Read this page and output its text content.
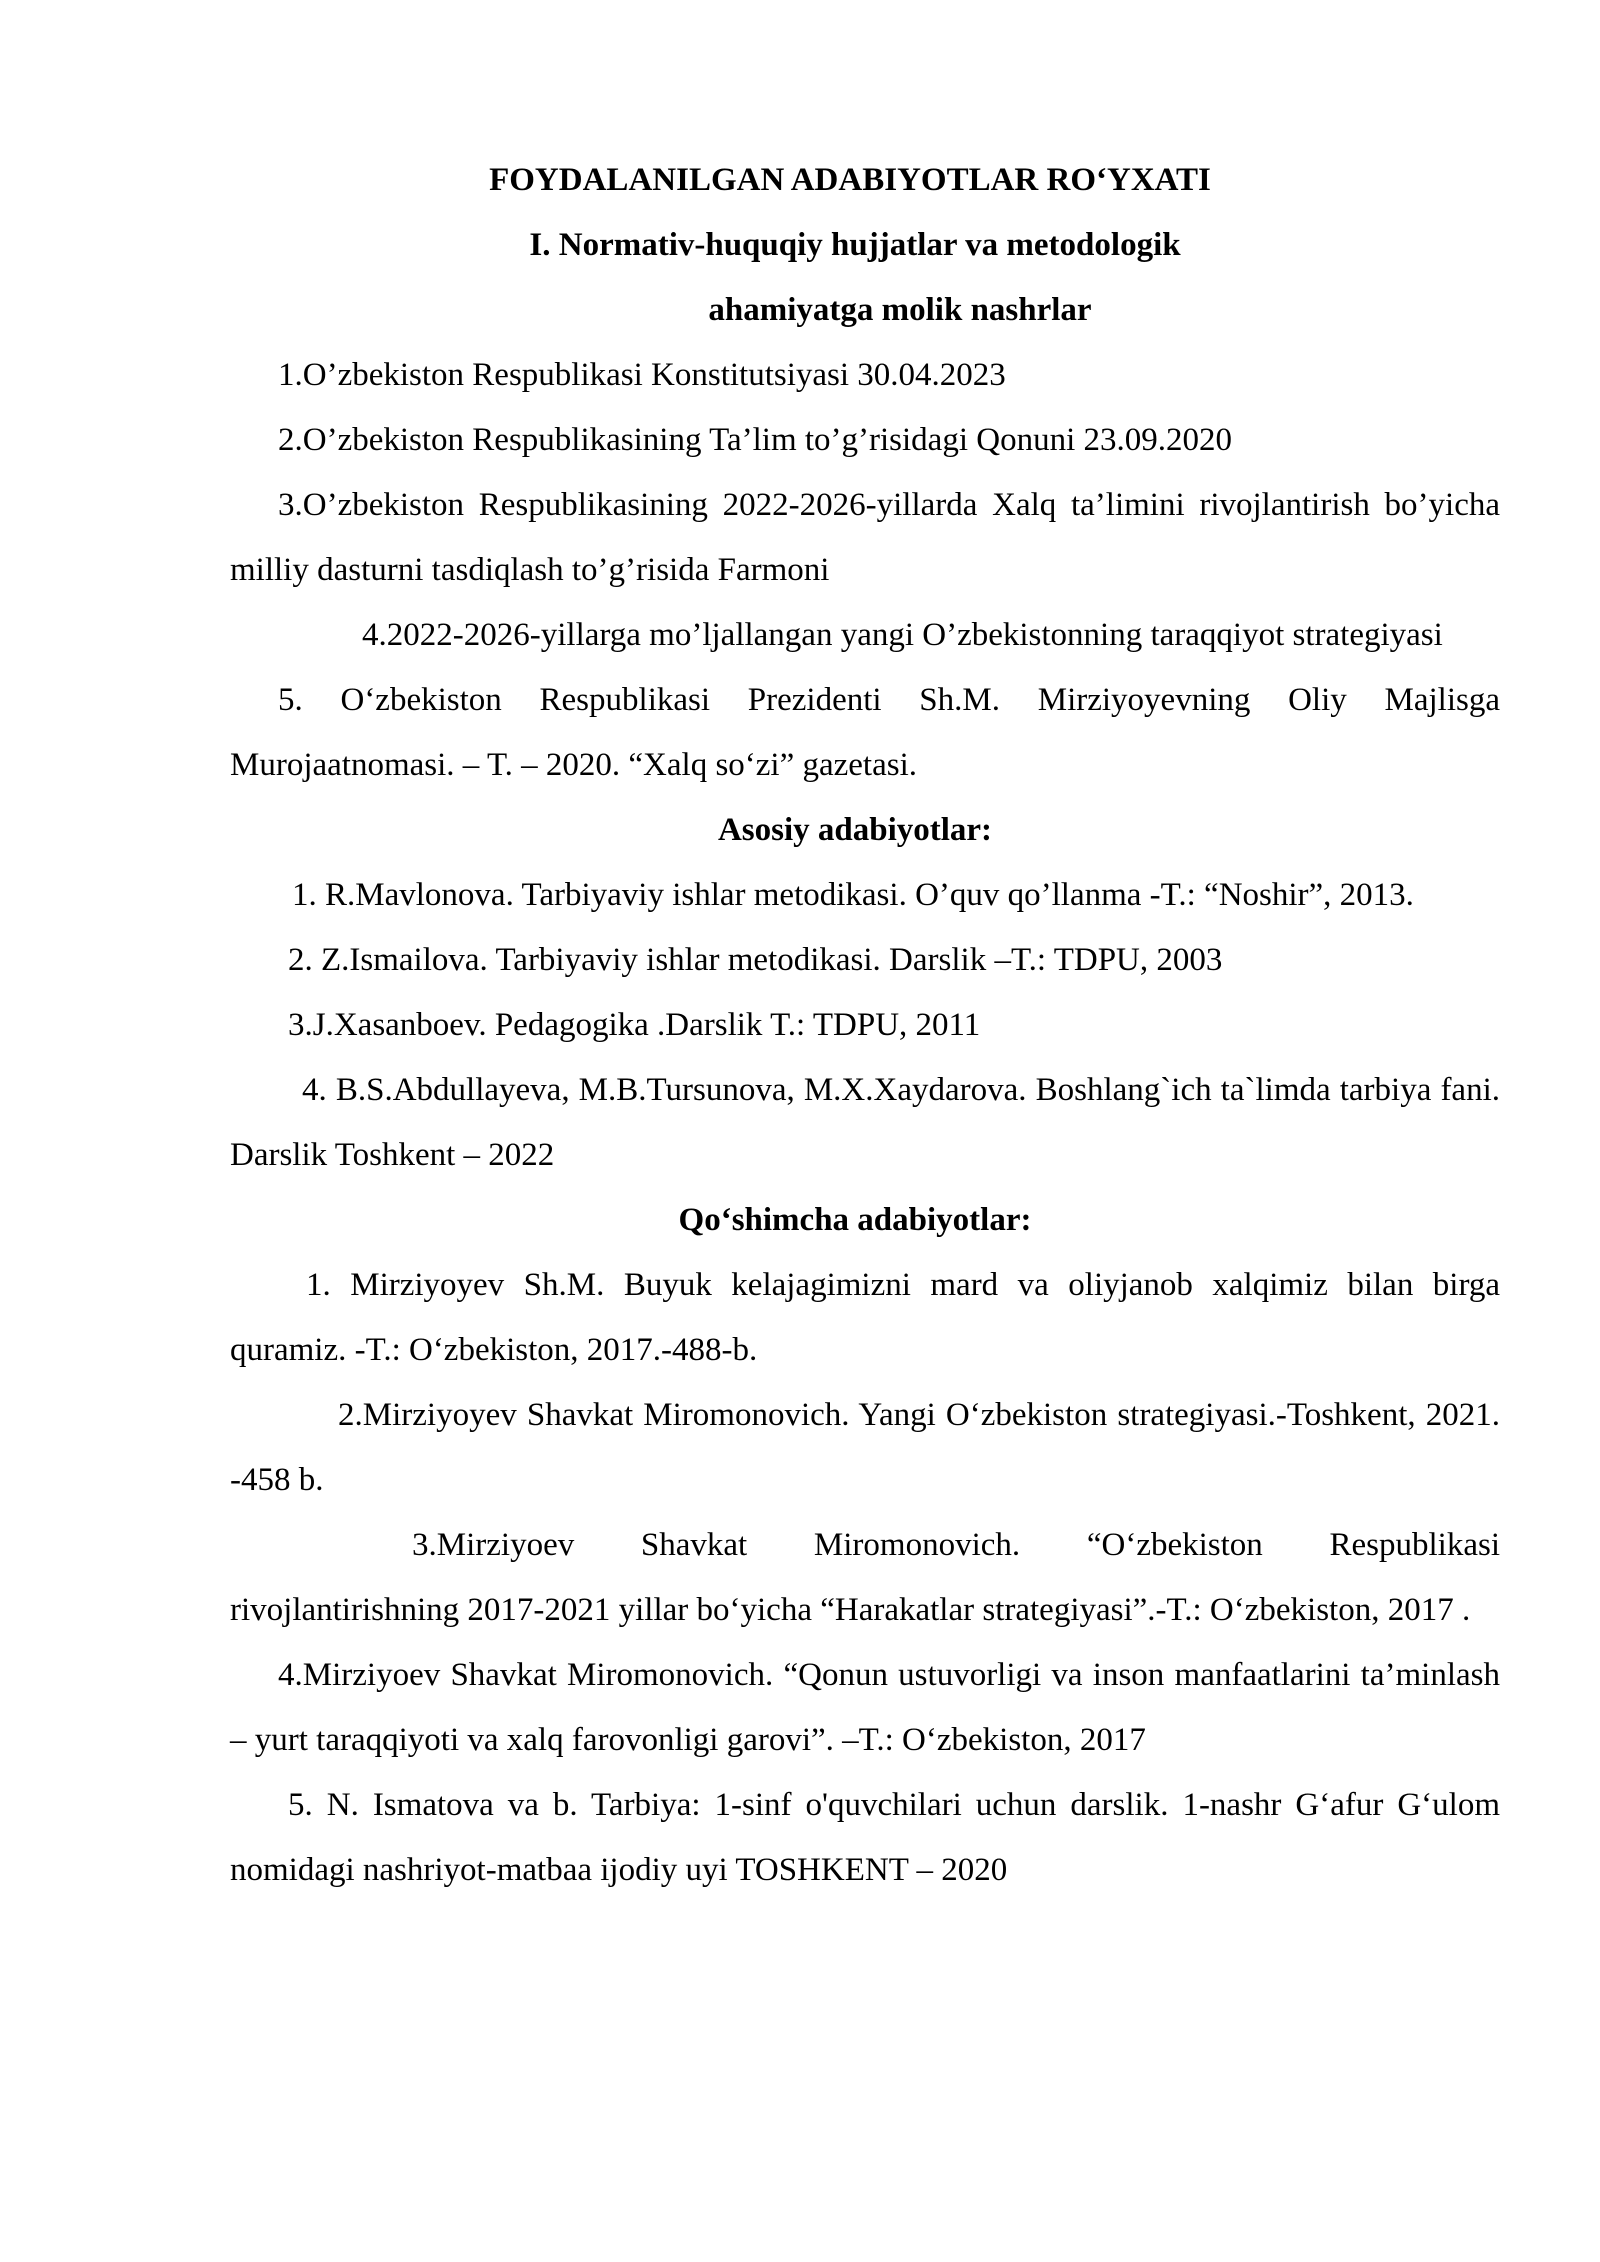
FOYDALANILGAN ADABIYOTLAR RO‘YXATI

I. Normativ-huquqiy hujjatlar va metodologik

ahamiyatga molik nashrlar

1.O’zbekiston Respublikasi Konstitutsiyasi 30.04.2023

2.O’zbekiston Respublikasining Ta’lim to’g’risidagi Qonuni 23.09.2020

3.O’zbekiston Respublikasining 2022-2026-yillarda Xalq ta’limini rivojlantirish bo’yicha milliy dasturni tasdiqlash to’g’risida Farmoni

4.2022-2026-yillarga mo’ljallangan yangi O’zbekistonning taraqqiyot strategiyasi

5. O‘zbekiston Respublikasi Prezidenti Sh.M. Mirziyoyevning Oliy Majlisga Murojaatnomasi. – T. – 2020. “Xalq so‘zi” gazetasi.

Asosiy adabiyotlar:

1. R.Mavlonova. Tarbiyaviy ishlar metodikasi. O’quv qo’llanma -T.: “Noshir”, 2013.

2. Z.Ismailova. Tarbiyaviy ishlar metodikasi. Darslik –T.: TDPU, 2003

3.J.Xasanboev. Pedagogika .Darslik T.: TDPU, 2011

4. B.S.Abdullayeva, M.B.Tursunova, M.X.Xaydarova. Boshlang`ich ta`limda tarbiya fani. Darslik Toshkent – 2022

Qo‘shimcha adabiyotlar:

1. Mirziyoyev Sh.M. Buyuk kelajagimizni mard va oliyjanob xalqimiz bilan birga quramiz. -T.: O‘zbekiston, 2017.-488-b.

2.Mirziyoyev Shavkat Miromonovich. Yangi O‘zbekiston strategiyasi.-Toshkent, 2021. -458 b.

3.Mirziyoev Shavkat Miromonovich. “O‘zbekiston Respublikasi rivojlantirishning 2017-2021 yillar bo‘yicha “Harakatlar strategiyasi”.-T.: O‘zbekiston, 2017 .

4.Mirziyoev Shavkat Miromonovich. “Qonun ustuvorligi va inson manfaatlarini ta’minlash – yurt taraqqiyoti va xalq farovonligi garovi”. –T.: O‘zbekiston, 2017

5. N. Ismatova va b. Tarbiya: 1-sinf o'quvchilari uchun darslik. 1-nashr G‘afur G‘ulom nomidagi nashriyot-matbaa ijodiy uyi TOSHKENT – 2020
